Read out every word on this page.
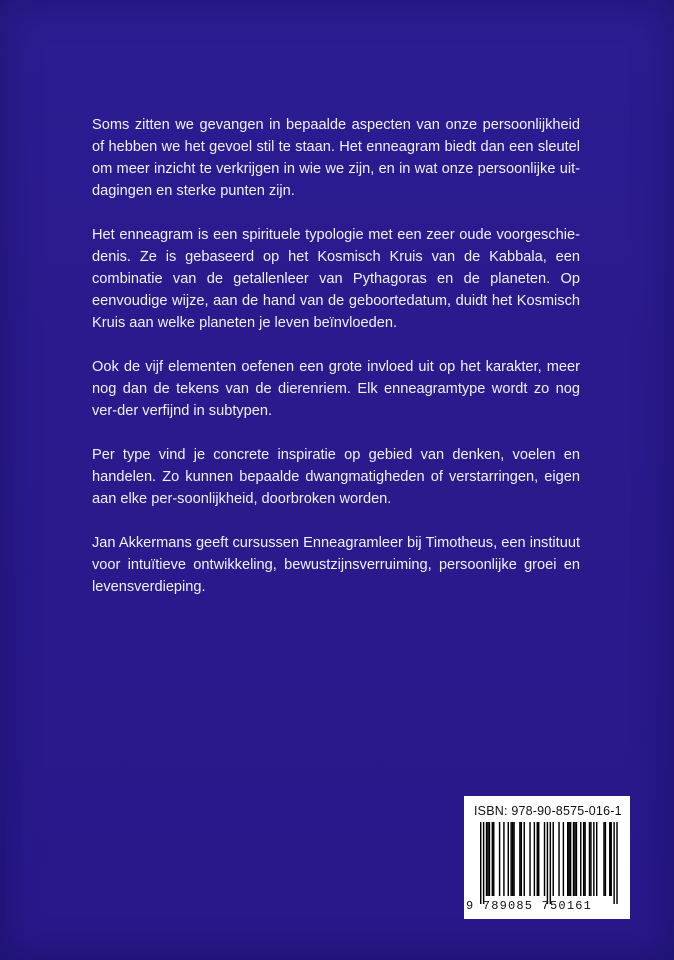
Soms zitten we gevangen in bepaalde aspecten van onze persoonlijkheid of hebben we het gevoel stil te staan. Het enneagram biedt dan een sleutel om meer inzicht te verkrijgen in wie we zijn, en in wat onze persoonlijke uit-dagingen en sterke punten zijn.

Het enneagram is een spirituele typologie met een zeer oude voorgeschie-denis. Ze is gebaseerd op het Kosmisch Kruis van de Kabbala, een combinatie van de getallenleer van Pythagoras en de planeten. Op eenvoudige wijze, aan de hand van de geboortedatum, duidt het Kosmisch Kruis aan welke planeten je leven beïnvloeden.

Ook de vijf elementen oefenen een grote invloed uit op het karakter, meer nog dan de tekens van de dierenriem. Elk enneagramtype wordt zo nog ver-der verfijnd in subtypen.

Per type vind je concrete inspiratie op gebied van denken, voelen en handelen. Zo kunnen bepaalde dwangmatigheden of verstarringen, eigen aan elke per-soonlijkheid, doorbroken worden.

Jan Akkermans geeft cursussen Enneagramleer bij Timotheus, een instituut voor intuïtieve ontwikkeling, bewustzijnsverruiming, persoonlijke groei en levensverdieping.

ISBN: 978-90-8575-016-1
9 789085 750161
